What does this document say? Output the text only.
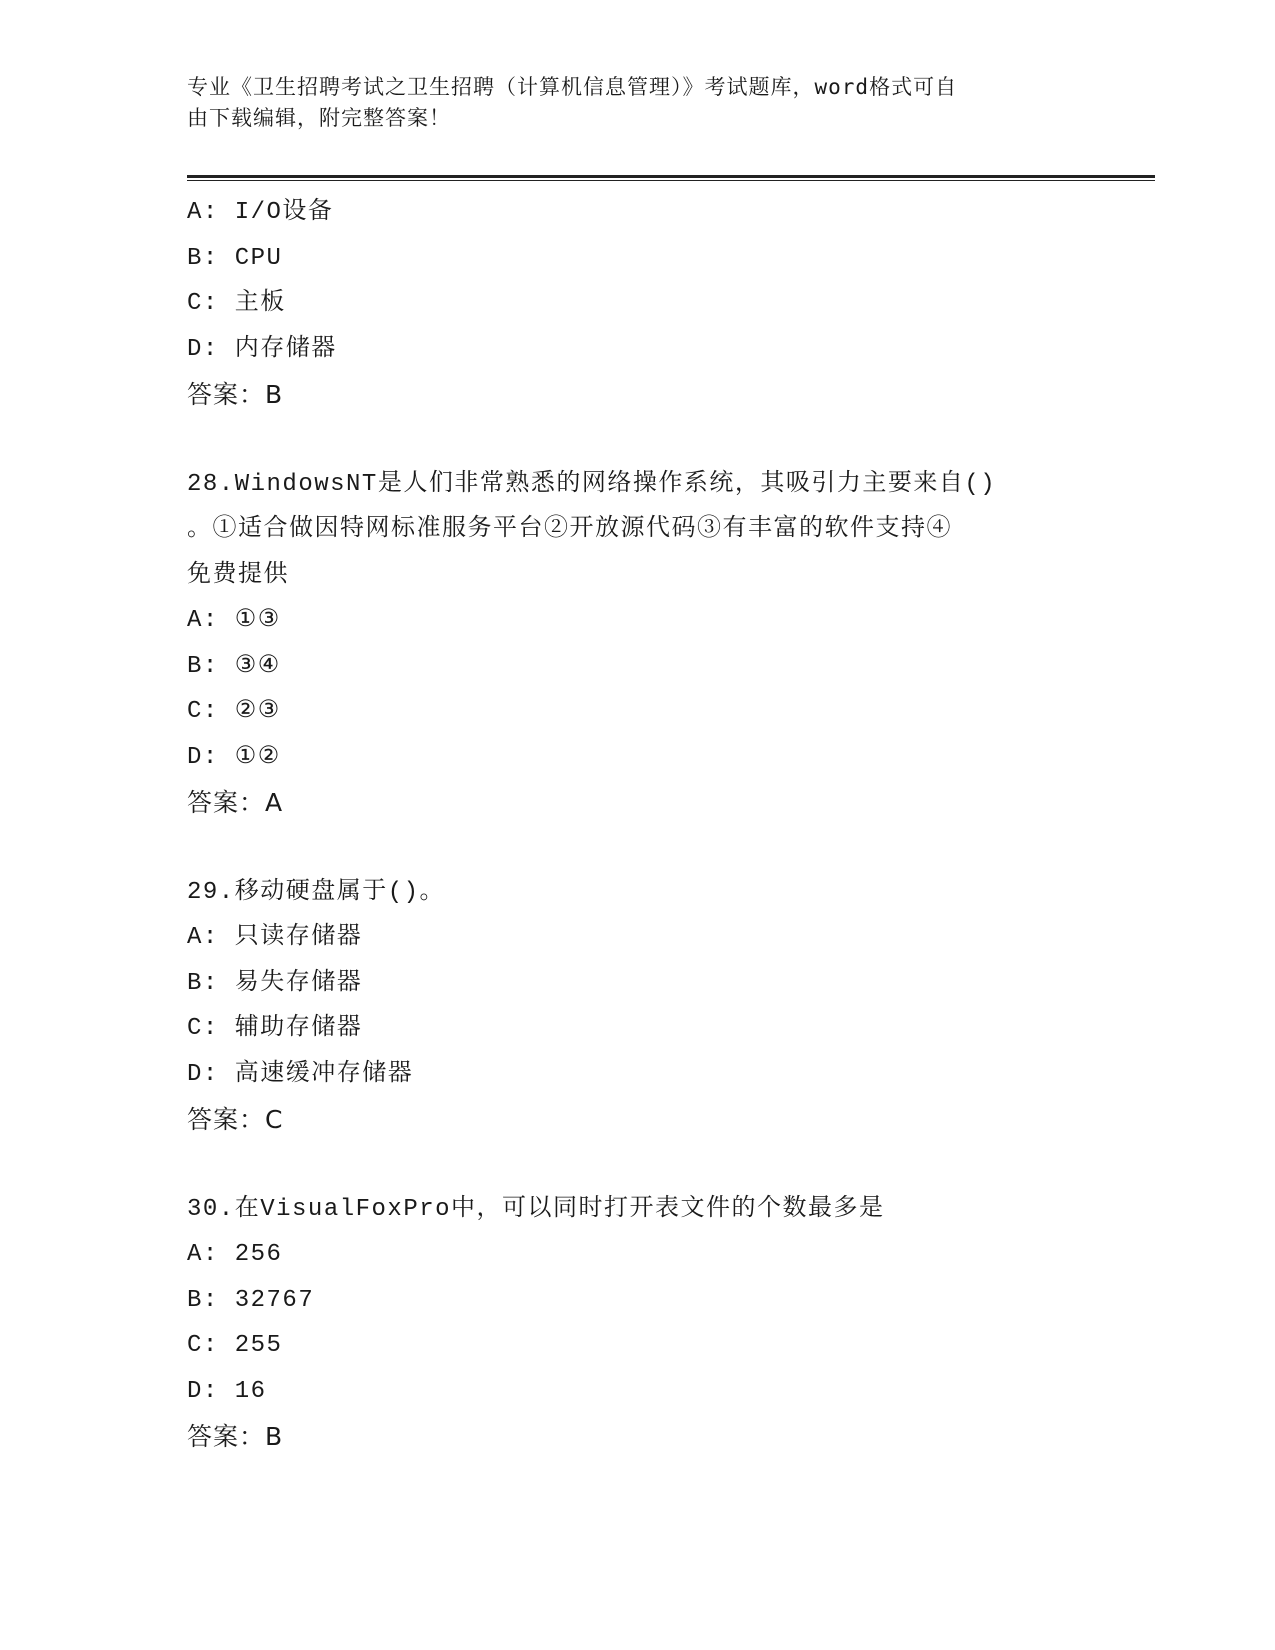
专业《卫生招聘考试之卫生招聘（计算机信息管理）》考试题库，word格式可自
由下载编辑，附完整答案！
A: I/O设备
B: CPU
C: 主板
D: 内存储器
答案：B
28.WindowsNT是人们非常熟悉的网络操作系统，其吸引力主要来自()
。①适合做因特网标准服务平台②开放源代码③有丰富的软件支持④
免费提供
A: ①③
B: ③④
C: ②③
D: ①②
答案：A
29.移动硬盘属于()。
A: 只读存储器
B: 易失存储器
C: 辅助存储器
D: 高速缓冲存储器
答案：C
30.在VisualFoxPro中，可以同时打开表文件的个数最多是
A: 256
B: 32767
C: 255
D: 16
答案：B
